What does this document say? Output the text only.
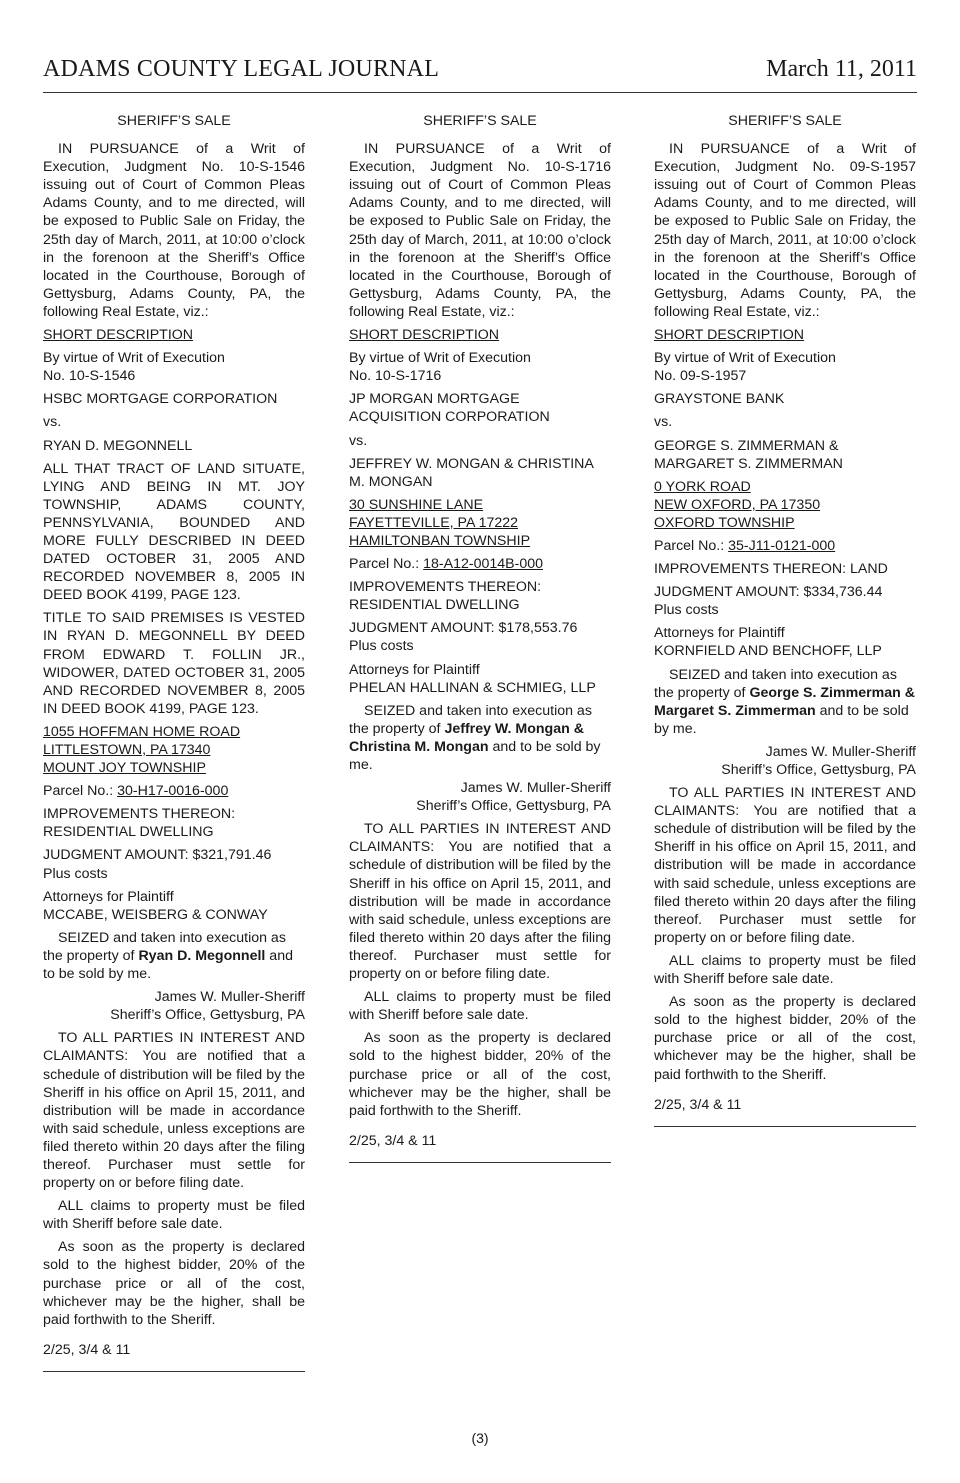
ADAMS COUNTY LEGAL JOURNAL	March 11, 2011

SHERIFF’S SALE

IN PURSUANCE of a Writ of Execution, Judgment No. 10-S-1546 issuing out of Court of Common Pleas Adams County, and to me directed, will be exposed to Public Sale on Friday, the 25th day of March, 2011, at 10:00 o’clock in the forenoon at the Sheriff’s Office located in the Courthouse, Borough of Gettysburg, Adams County, PA, the following Real Estate, viz.:

SHORT DESCRIPTION

By virtue of Writ of Execution
No. 10-S-1546

HSBC MORTGAGE CORPORATION

vs.

RYAN D. MEGONNELL

ALL THAT TRACT OF LAND SITUATE, LYING AND BEING IN MT. JOY TOWNSHIP, ADAMS COUNTY, PENNSYLVANIA, BOUNDED AND MORE FULLY DESCRIBED IN DEED DATED OCTOBER 31, 2005 AND RECORDED NOVEMBER 8, 2005 IN DEED BOOK 4199, PAGE 123.

TITLE TO SAID PREMISES IS VESTED IN RYAN D. MEGONNELL BY DEED FROM EDWARD T. FOLLIN JR., WIDOWER, DATED OCTOBER 31, 2005 AND RECORDED NOVEMBER 8, 2005 IN DEED BOOK 4199, PAGE 123.

1055 HOFFMAN HOME ROAD
LITTLESTOWN, PA 17340
MOUNT JOY TOWNSHIP

Parcel No.: 30-H17-0016-000

IMPROVEMENTS THEREON:
RESIDENTIAL DWELLING

JUDGMENT AMOUNT: $321,791.46
Plus costs

Attorneys for Plaintiff
MCCABE, WEISBERG & CONWAY

SEIZED and taken into execution as the property of Ryan D. Megonnell and to be sold by me.

James W. Muller-Sheriff
Sheriff’s Office, Gettysburg, PA

TO ALL PARTIES IN INTEREST AND CLAIMANTS: You are notified that a schedule of distribution will be filed by the Sheriff in his office on April 15, 2011, and distribution will be made in accordance with said schedule, unless exceptions are filed thereto within 20 days after the filing thereof. Purchaser must settle for property on or before filing date.

ALL claims to property must be filed with Sheriff before sale date.

As soon as the property is declared sold to the highest bidder, 20% of the purchase price or all of the cost, whichever may be the higher, shall be paid forthwith to the Sheriff.

2/25, 3/4 & 11

SHERIFF’S SALE

IN PURSUANCE of a Writ of Execution, Judgment No. 10-S-1716 issuing out of Court of Common Pleas Adams County, and to me directed, will be exposed to Public Sale on Friday, the 25th day of March, 2011, at 10:00 o’clock in the forenoon at the Sheriff’s Office located in the Courthouse, Borough of Gettysburg, Adams County, PA, the following Real Estate, viz.:

SHORT DESCRIPTION

By virtue of Writ of Execution
No. 10-S-1716

JP MORGAN MORTGAGE ACQUISITION CORPORATION

vs.

JEFFREY W. MONGAN & CHRISTINA M. MONGAN

30 SUNSHINE LANE
FAYETTEVILLE, PA 17222
HAMILTONBAN TOWNSHIP

Parcel No.: 18-A12-0014B-000

IMPROVEMENTS THEREON:
RESIDENTIAL DWELLING

JUDGMENT AMOUNT: $178,553.76
Plus costs

Attorneys for Plaintiff
PHELAN HALLINAN & SCHMIEG, LLP

SEIZED and taken into execution as the property of Jeffrey W. Mongan & Christina M. Mongan and to be sold by me.

James W. Muller-Sheriff
Sheriff’s Office, Gettysburg, PA

TO ALL PARTIES IN INTEREST AND CLAIMANTS: You are notified that a schedule of distribution will be filed by the Sheriff in his office on April 15, 2011, and distribution will be made in accordance with said schedule, unless exceptions are filed thereto within 20 days after the filing thereof. Purchaser must settle for property on or before filing date.

ALL claims to property must be filed with Sheriff before sale date.

As soon as the property is declared sold to the highest bidder, 20% of the purchase price or all of the cost, whichever may be the higher, shall be paid forthwith to the Sheriff.

2/25, 3/4 & 11

SHERIFF’S SALE

IN PURSUANCE of a Writ of Execution, Judgment No. 09-S-1957 issuing out of Court of Common Pleas Adams County, and to me directed, will be exposed to Public Sale on Friday, the 25th day of March, 2011, at 10:00 o’clock in the forenoon at the Sheriff’s Office located in the Courthouse, Borough of Gettysburg, Adams County, PA, the following Real Estate, viz.:

SHORT DESCRIPTION

By virtue of Writ of Execution
No. 09-S-1957

GRAYSTONE BANK

vs.

GEORGE S. ZIMMERMAN & MARGARET S. ZIMMERMAN

0 YORK ROAD
NEW OXFORD, PA 17350
OXFORD TOWNSHIP

Parcel No.: 35-J11-0121-000

IMPROVEMENTS THEREON: LAND

JUDGMENT AMOUNT: $334,736.44
Plus costs

Attorneys for Plaintiff
KORNFIELD AND BENCHOFF, LLP

SEIZED and taken into execution as the property of George S. Zimmerman & Margaret S. Zimmerman and to be sold by me.

James W. Muller-Sheriff
Sheriff’s Office, Gettysburg, PA

TO ALL PARTIES IN INTEREST AND CLAIMANTS: You are notified that a schedule of distribution will be filed by the Sheriff in his office on April 15, 2011, and distribution will be made in accordance with said schedule, unless exceptions are filed thereto within 20 days after the filing thereof. Purchaser must settle for property on or before filing date.

ALL claims to property must be filed with Sheriff before sale date.

As soon as the property is declared sold to the highest bidder, 20% of the purchase price or all of the cost, whichever may be the higher, shall be paid forthwith to the Sheriff.

2/25, 3/4 & 11

(3)
